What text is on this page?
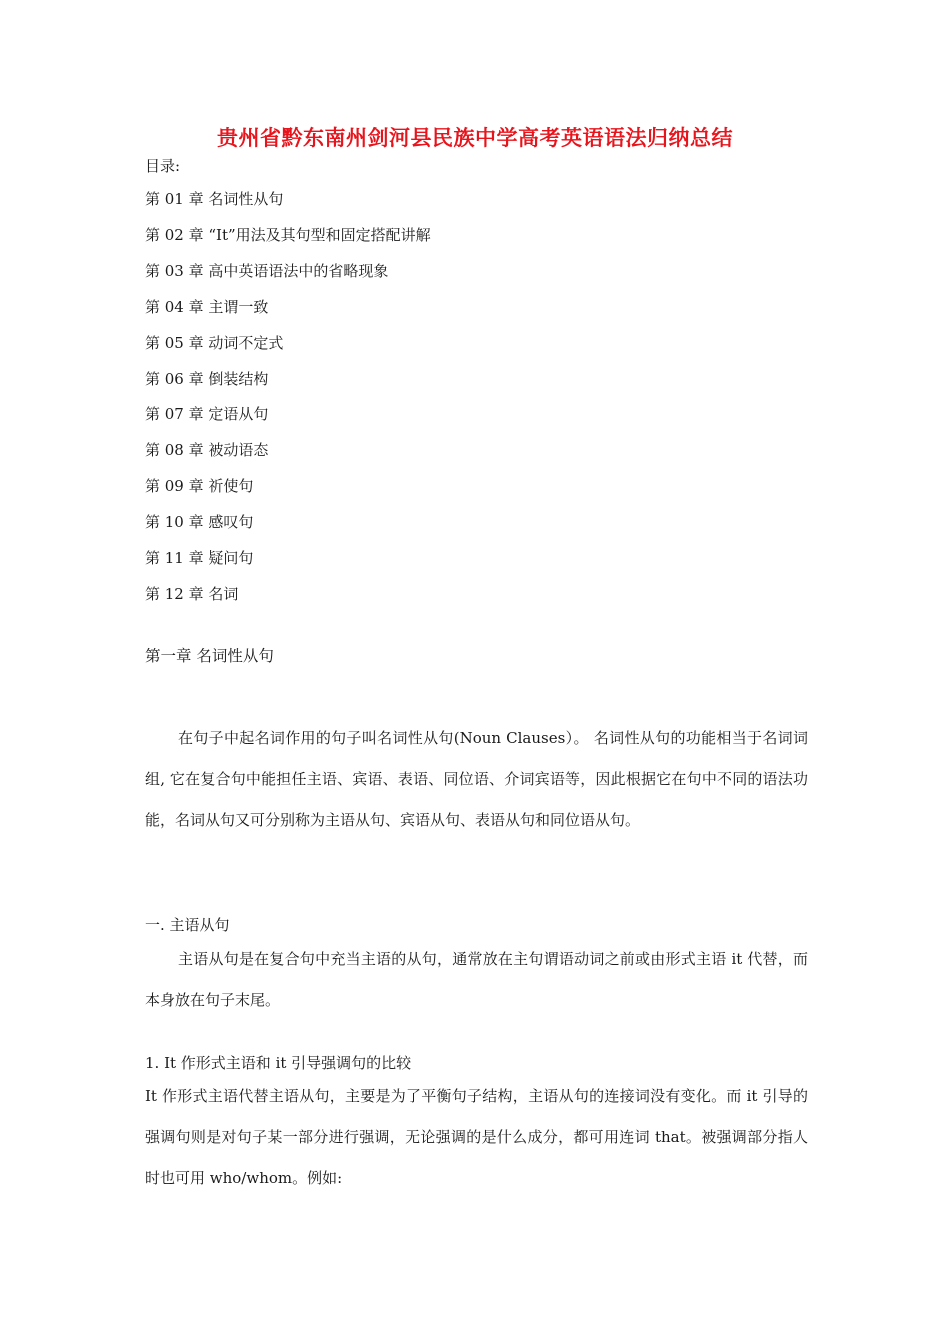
贵州省黔东南州剑河县民族中学高考英语语法归纳总结
目录:
第 01 章 名词性从句
第 02 章 “It”用法及其句型和固定搭配讲解
第 03 章 高中英语语法中的省略现象
第 04 章 主谓一致
第 05 章 动词不定式
第 06 章 倒装结构
第 07 章 定语从句
第 08 章 被动语态
第 09 章 祈使句
第 10 章 感叹句
第 11 章 疑问句
第 12 章 名词
第一章 名词性从句
在句子中起名词作用的句子叫名词性从句(Noun Clauses）。 名词性从句的功能相当于名词词组, 它在复合句中能担任主语、宾语、表语、同位语、介词宾语等，因此根据它在句中不同的语法功能，名词从句又可分别称为主语从句、宾语从句、表语从句和同位语从句。
一. 主语从句
主语从句是在复合句中充当主语的从句，通常放在主句谓语动词之前或由形式主语 it 代替，而本身放在句子末尾。
1. It 作形式主语和 it 引导强调句的比较
It 作形式主语代替主语从句，主要是为了平衡句子结构，主语从句的连接词没有变化。而 it 引导的强调句则是对句子某一部分进行强调，无论强调的是什么成分，都可用连词 that。被强调部分指人时也可用 who/whom。例如:
